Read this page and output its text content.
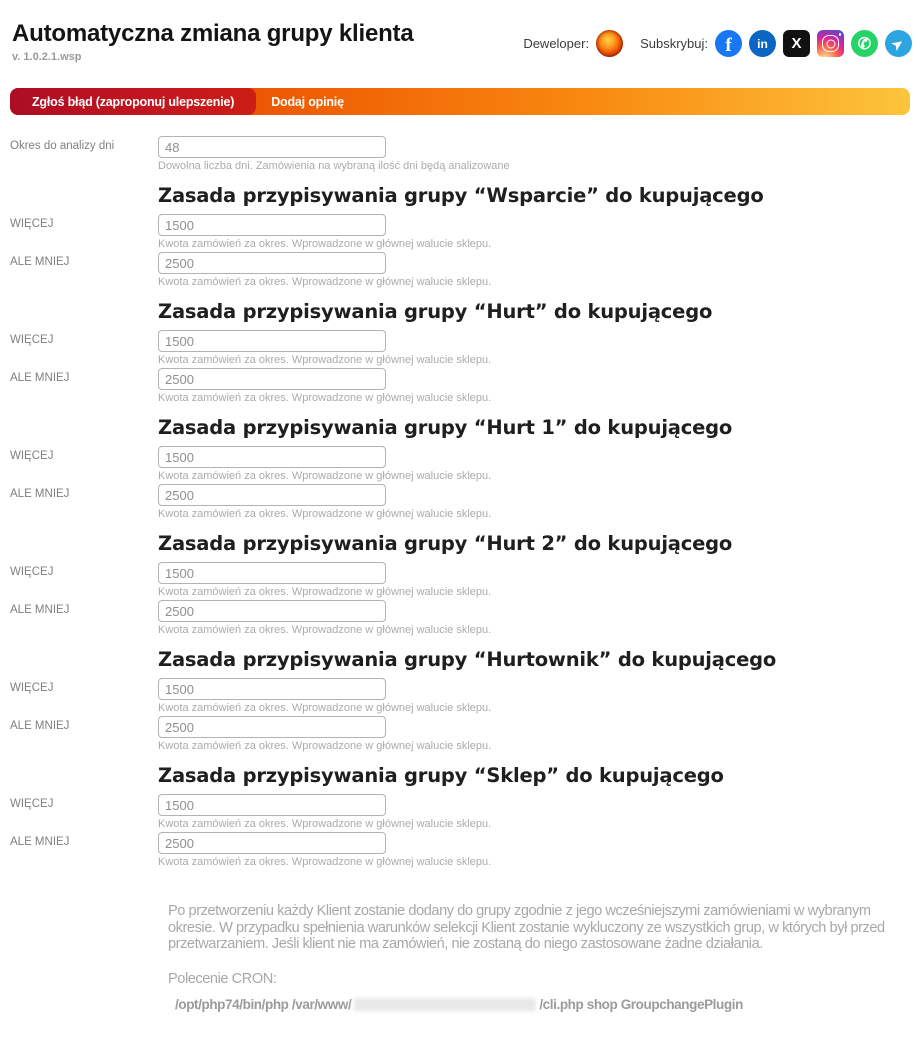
Automatyczna zmiana grupy klienta
v. 1.0.2.1.wsp
Deweloper:	Subskrybuj: f	in	X	✆	➤
Zgłoś błąd (zaproponuj ulepszenie)	Dodaj opinię
Okres do analizy dni
48
Dowolna liczba dni. Zamówienia na wybraną ilość dni będą analizowane
Zasada przypisywania grupy “Wsparcie” do kupującego
WIĘCEJ
1500
Kwota zamówień za okres. Wprowadzone w głównej walucie sklepu.
ALE MNIEJ
2500
Kwota zamówień za okres. Wprowadzone w głównej walucie sklepu.
Zasada przypisywania grupy “Hurt” do kupującego
WIĘCEJ
1500
Kwota zamówień za okres. Wprowadzone w głównej walucie sklepu.
ALE MNIEJ
2500
Kwota zamówień za okres. Wprowadzone w głównej walucie sklepu.
Zasada przypisywania grupy “Hurt 1” do kupującego
WIĘCEJ
1500
Kwota zamówień za okres. Wprowadzone w głównej walucie sklepu.
ALE MNIEJ
2500
Kwota zamówień za okres. Wprowadzone w głównej walucie sklepu.
Zasada przypisywania grupy “Hurt 2” do kupującego
WIĘCEJ
1500
Kwota zamówień za okres. Wprowadzone w głównej walucie sklepu.
ALE MNIEJ
2500
Kwota zamówień za okres. Wprowadzone w głównej walucie sklepu.
Zasada przypisywania grupy “Hurtownik” do kupującego
WIĘCEJ
1500
Kwota zamówień za okres. Wprowadzone w głównej walucie sklepu.
ALE MNIEJ
2500
Kwota zamówień za okres. Wprowadzone w głównej walucie sklepu.
Zasada przypisywania grupy “Sklep” do kupującego
WIĘCEJ
1500
Kwota zamówień za okres. Wprowadzone w głównej walucie sklepu.
ALE MNIEJ
2500
Kwota zamówień za okres. Wprowadzone w głównej walucie sklepu.

Po przetworzeniu każdy Klient zostanie dodany do grupy zgodnie z jego wcześniejszymi zamówieniami w wybranym okresie. W przypadku spełnienia warunków selekcji Klient zostanie wykluczony ze wszystkich grup, w których był przed przetwarzaniem. Jeśli klient nie ma zamówień, nie zostaną do niego zastosowane żadne działania.

Polecenie CRON:
/opt/php74/bin/php /var/www/	/cli.php shop GroupchangePlugin
